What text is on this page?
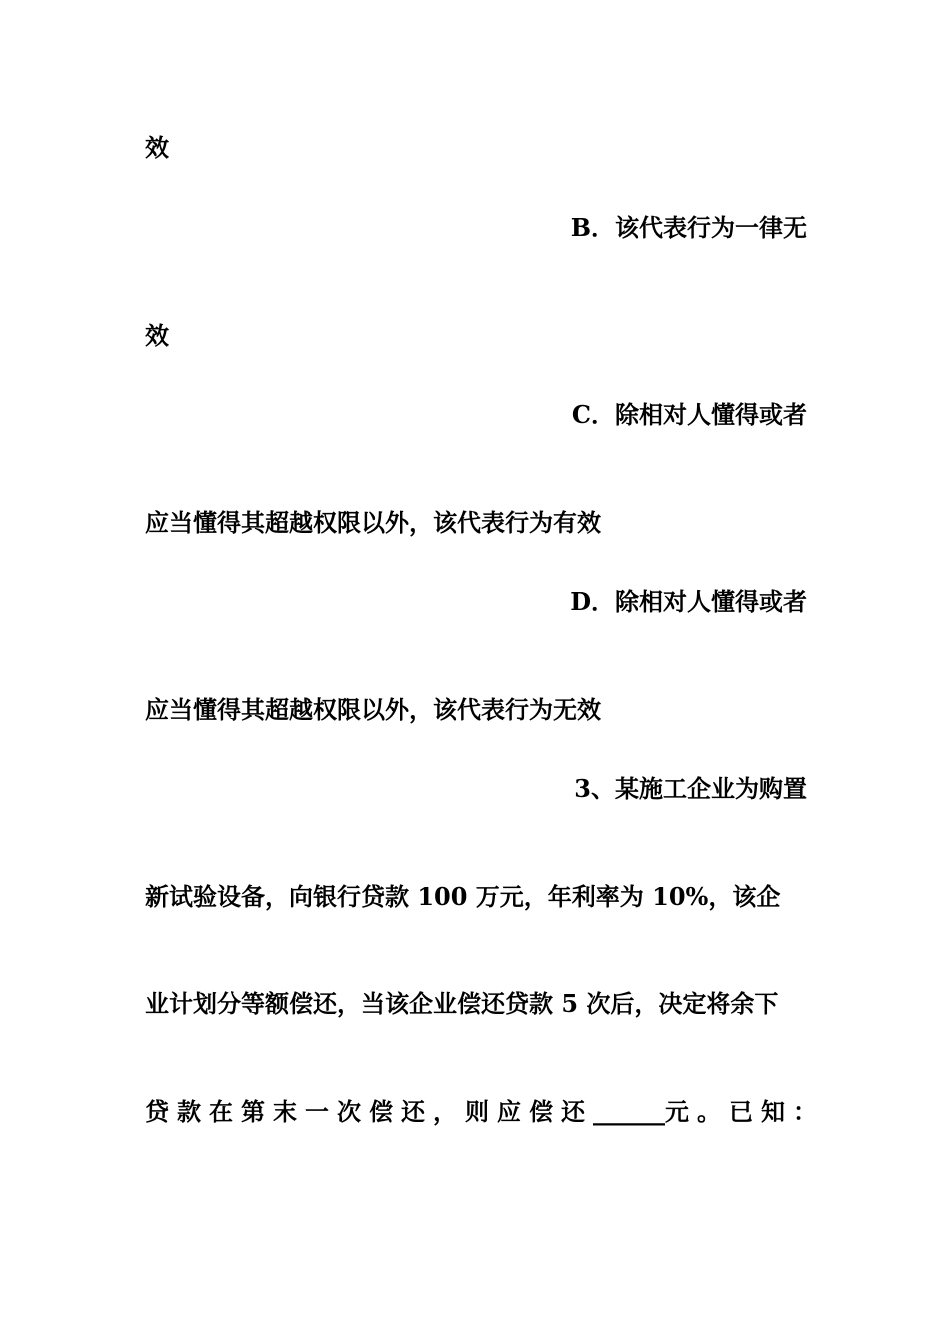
效
B．该代表行为一律无
效
C．除相对人懂得或者
应当懂得其超越权限以外，该代表行为有效
D．除相对人懂得或者
应当懂得其超越权限以外，该代表行为无效
3、某施工企业为购置
新试验设备，向银行贷款 100 万元，年利率为 10%，该企
业计划分等额偿还，当该企业偿还贷款 5 次后，决定将余下
贷款在第末一次偿还，则应偿还______元。已知：
